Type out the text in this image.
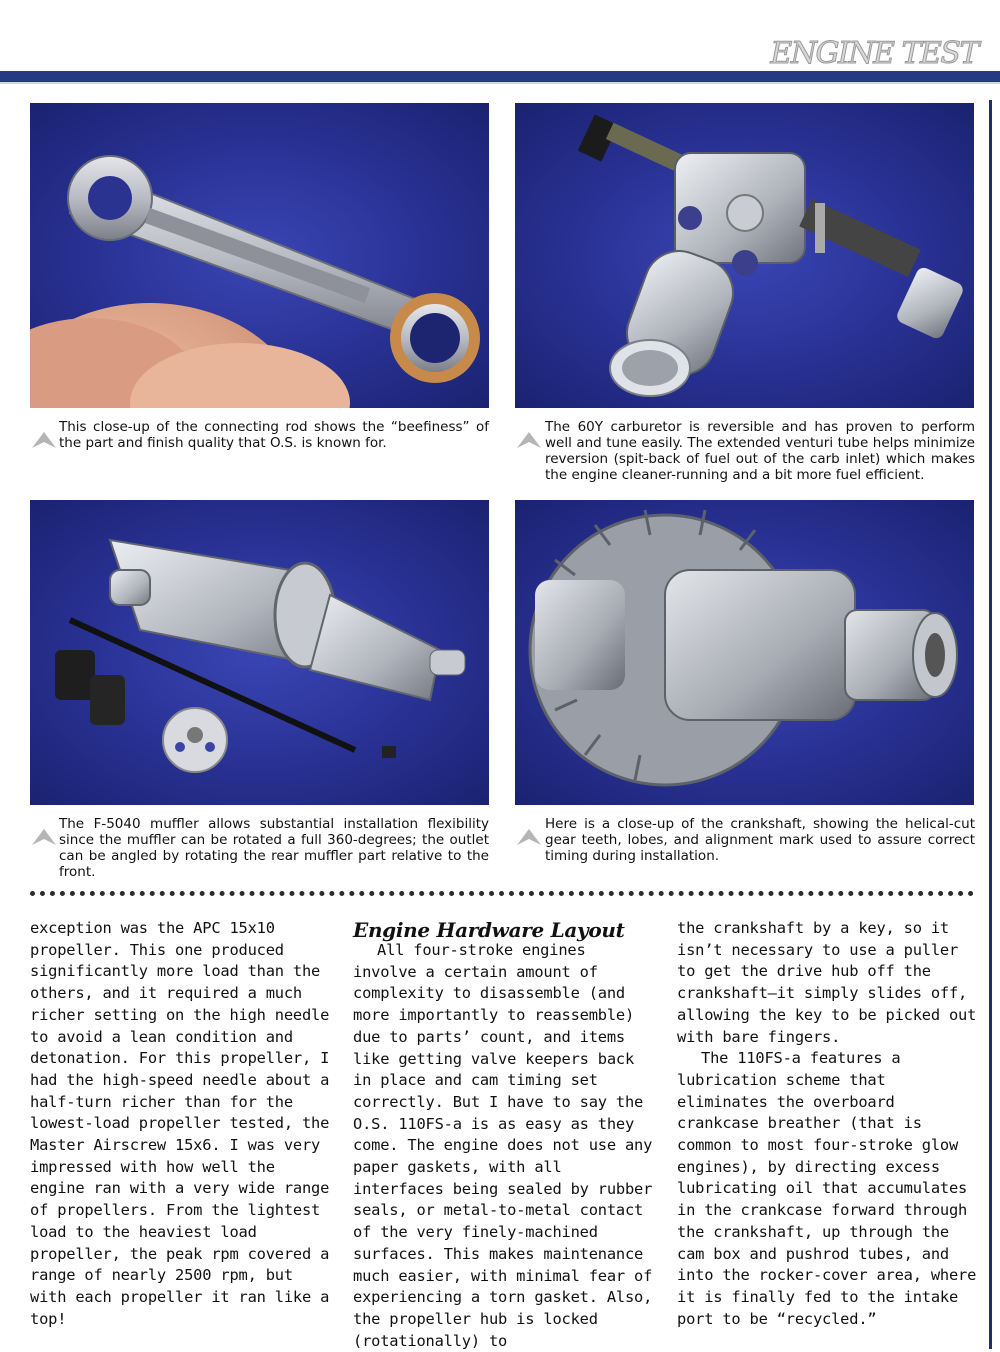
ENGINE TEST
This close-up of the connecting rod shows the “beefiness” of the part and finish quality that O.S. is known for.
The 60Y carburetor is reversible and has proven to perform well and tune easily. The extended venturi tube helps minimize reversion (spit-back of fuel out of the carb inlet) which makes the engine cleaner-running and a bit more fuel efficient.
The F-5040 muffler allows substantial installation flexibility since the muffler can be rotated a full 360-degrees; the outlet can be angled by rotating the rear muffler part relative to the front.
Here is a close-up of the crankshaft, showing the helical-cut gear teeth, lobes, and alignment mark used to assure correct timing during installation.

exception was the APC 15x10 propeller. This one produced significantly more load than the others, and it required a much richer setting on the high needle to avoid a lean condition and detonation. For this propeller, I had the high-speed needle about a half-turn richer than for the lowest-load propeller tested, the Master Airscrew 15x6. I was very impressed with how well the engine ran with a very wide range of propellers. From the lightest load to the heaviest load propeller, the peak rpm covered a range of nearly 2500 rpm, but with each propeller it ran like a top!

Engine Hardware Layout

All four-stroke engines involve a certain amount of complexity to disassemble (and more importantly to reassemble) due to parts’ count, and items like getting valve keepers back in place and cam timing set correctly. But I have to say the O.S. 110FS-a is as easy as they come. The engine does not use any paper gaskets, with all interfaces being sealed by rubber seals, or metal-to-metal contact of the very finely-machined surfaces. This makes maintenance much easier, with minimal fear of experiencing a torn gasket. Also, the propeller hub is locked (rotationally) to

the crankshaft by a key, so it isn’t necessary to use a puller to get the drive hub off the crankshaft—it simply slides off, allowing the key to be picked out with bare fingers.

The 110FS-a features a lubrication scheme that eliminates the overboard crankcase breather (that is common to most four-stroke glow engines), by directing excess lubricating oil that accumulates in the crankcase forward through the crankshaft, up through the cam box and pushrod tubes, and into the rocker-cover area, where it is finally fed to the intake port to be “recycled.”
